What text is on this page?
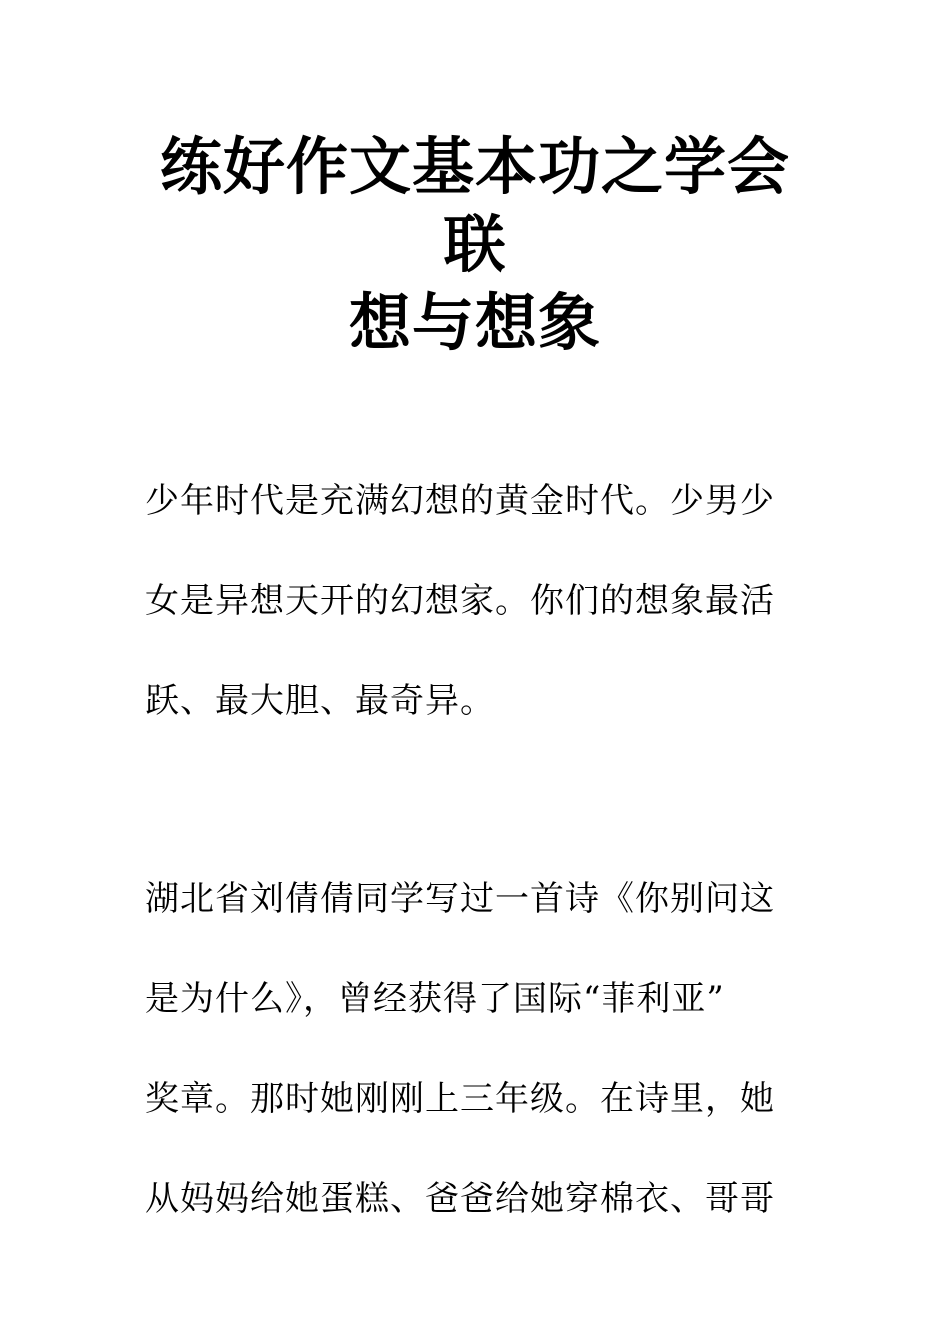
练好作文基本功之学会联
想与想象

少年时代是充满幻想的黄金时代。少男少
女是异想天开的幻想家。你们的想象最活
跃、最大胆、最奇异。

湖北省刘倩倩同学写过一首诗《你别问这
是为什么》，曾经获得了国际“菲利亚”
奖章。那时她刚刚上三年级。在诗里，她
从妈妈给她蛋糕、爸爸给她穿棉衣、哥哥
